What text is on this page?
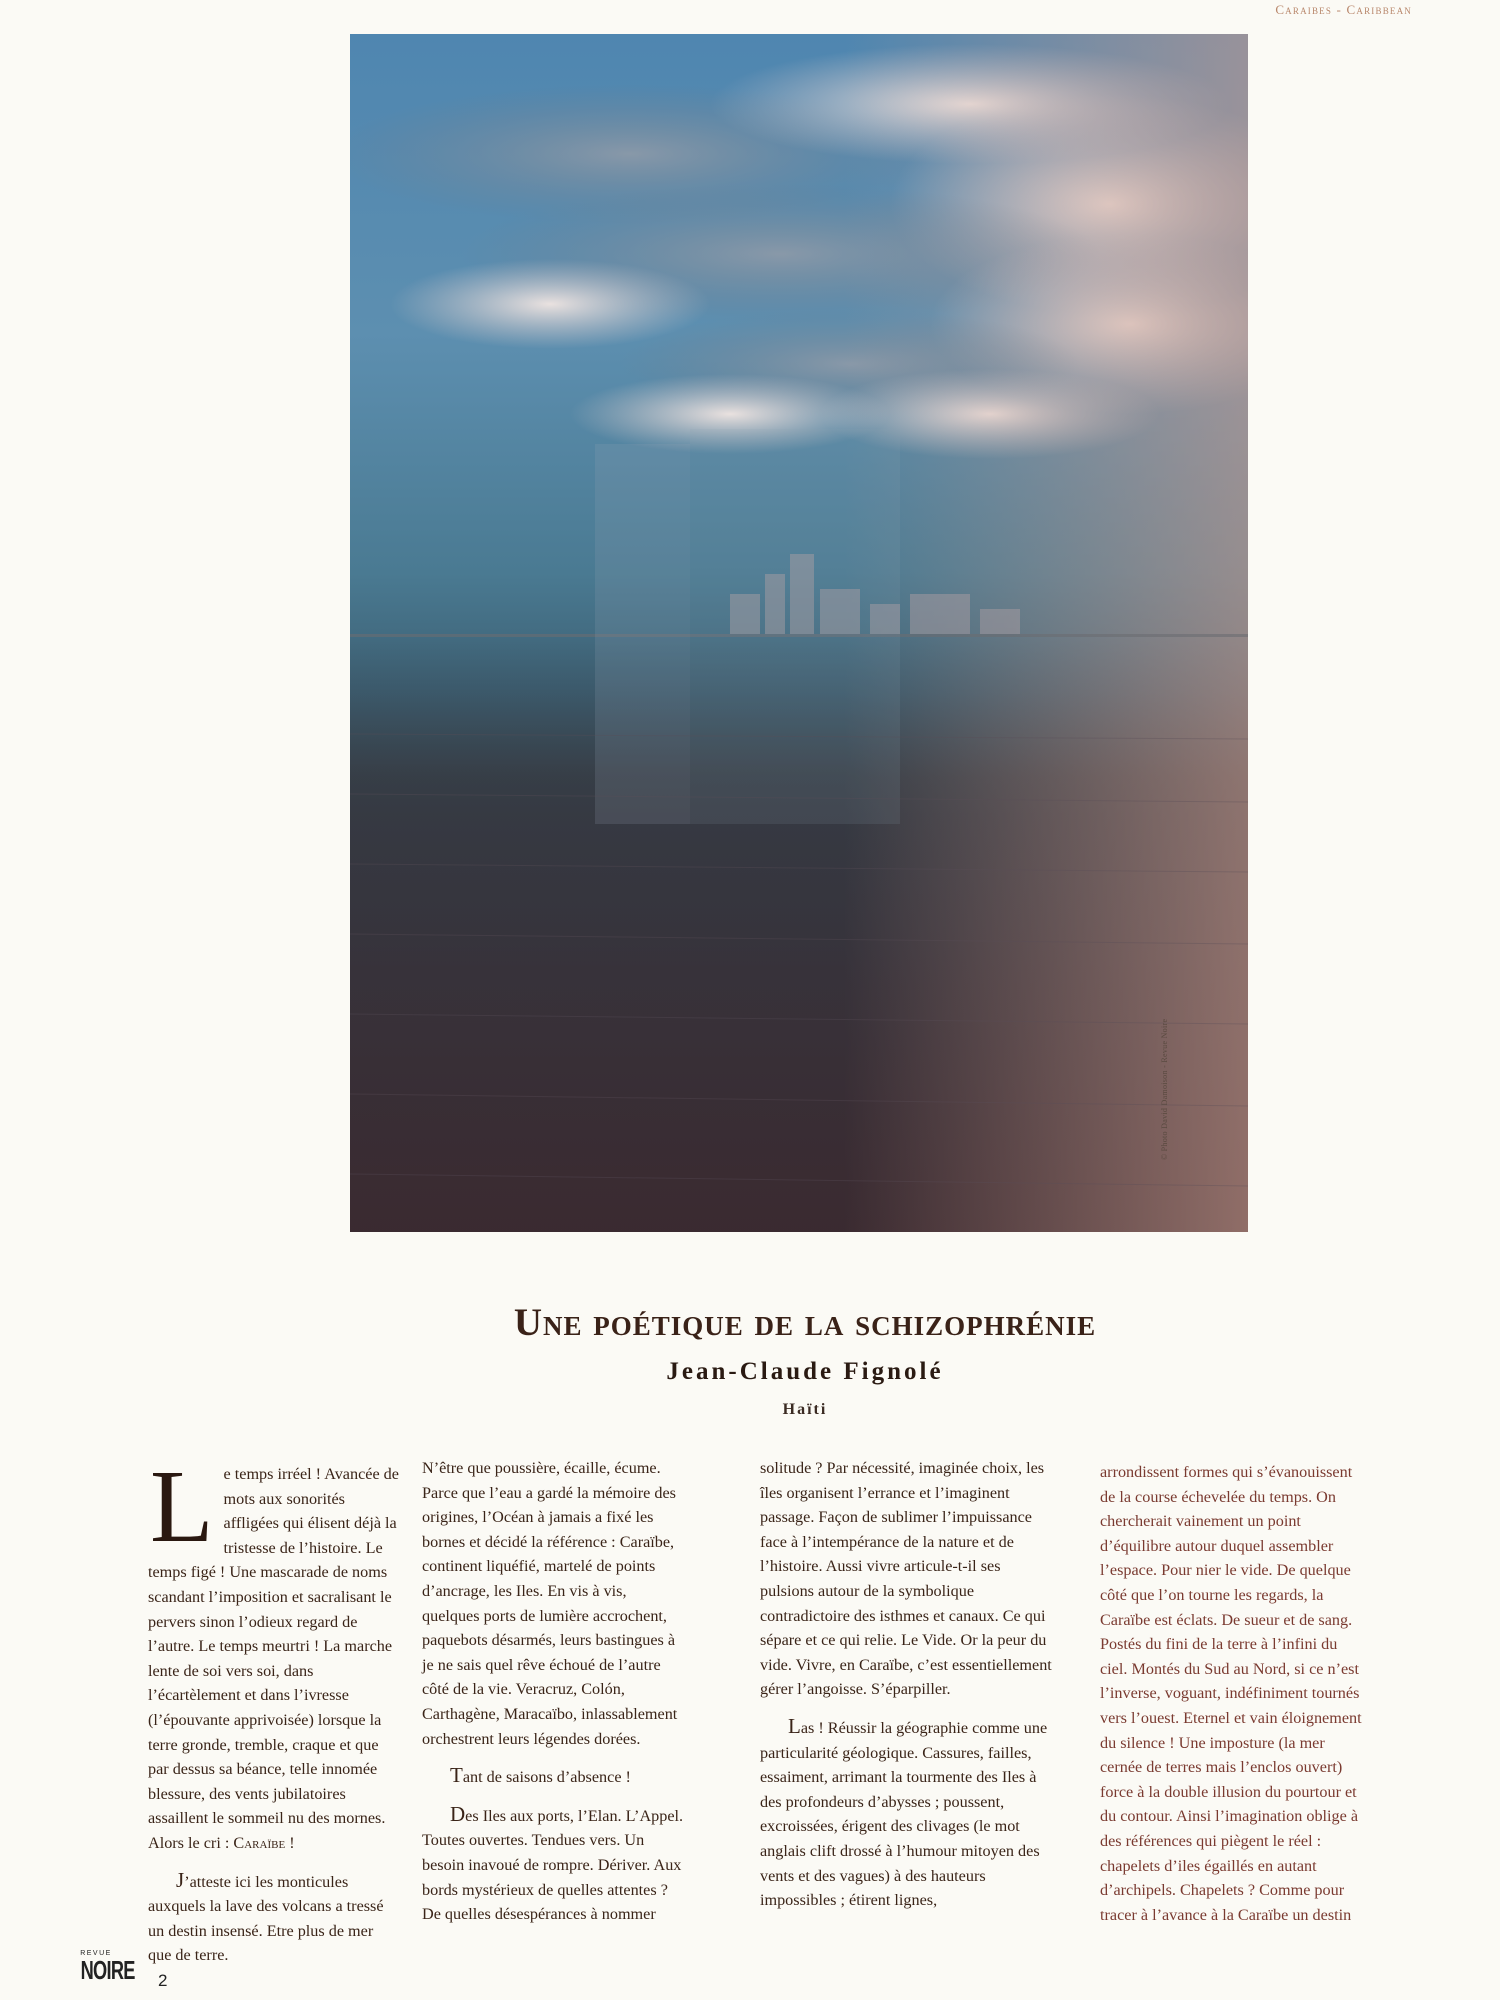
Caraibes - Caribbean
© Photo David Damoison - Revue Noire
Une poétique de la schizophrénie
Jean-Claude Fignolé
Haïti

Le temps irréel ! Avancée de mots aux sonorités affligées qui élisent déjà la tristesse de l’histoire. Le temps figé ! Une mascarade de noms scandant l’imposition et sacralisant le pervers sinon l’odieux regard de l’autre. Le temps meurtri ! La marche lente de soi vers soi, dans l’écartèlement et dans l’ivresse (l’épouvante apprivoisée) lorsque la terre gronde, tremble, craque et que par dessus sa béance, telle innomée blessure, des vents jubilatoires assaillent le sommeil nu des mornes. Alors le cri : Caraïbe !

J’atteste ici les monticules auxquels la lave des volcans a tressé un destin insensé. Etre plus de mer que de terre.

N’être que poussière, écaille, écume. Parce que l’eau a gardé la mémoire des origines, l’Océan à jamais a fixé les bornes et décidé la référence : Caraïbe, continent liquéfié, martelé de points d’ancrage, les Iles. En vis à vis, quelques ports de lumière accrochent, paquebots désarmés, leurs bastingues à je ne sais quel rêve échoué de l’autre côté de la vie. Veracruz, Colón, Carthagène, Maracaïbo, inlassablement orchestrent leurs légendes dorées.

Tant de saisons d’absence !

Des Iles aux ports, l’Elan. L’Appel. Toutes ouvertes. Tendues vers. Un besoin inavoué de rompre. Dériver. Aux bords mystérieux de quelles attentes ? De quelles désespérances à nommer

solitude ? Par nécessité, imaginée choix, les îles organisent l’errance et l’imaginent passage. Façon de sublimer l’impuissance face à l’intempérance de la nature et de l’histoire. Aussi vivre articule-t-il ses pulsions autour de la symbolique contradictoire des isthmes et canaux. Ce qui sépare et ce qui relie. Le Vide. Or la peur du vide. Vivre, en Caraïbe, c’est essentiellement gérer l’angoisse. S’éparpiller.

Las ! Réussir la géographie comme une particularité géologique. Cassures, failles, essaiment, arrimant la tourmente des Iles à des profondeurs d’abysses ; poussent, excroissées, érigent des clivages (le mot anglais clift drossé à l’humour mitoyen des vents et des vagues) à des hauteurs impossibles ; étirent lignes,

arrondissent formes qui s’évanouissent de la course échevelée du temps. On chercherait vainement un point d’équilibre autour duquel assembler l’espace. Pour nier le vide. De quelque côté que l’on tourne les regards, la Caraïbe est éclats. De sueur et de sang. Postés du fini de la terre à l’infini du ciel. Montés du Sud au Nord, si ce n’est l’inverse, voguant, indéfiniment tournés vers l’ouest. Eternel et vain éloignement du silence ! Une imposture (la mer cernée de terres mais l’enclos ouvert) force à la double illusion du pourtour et du contour. Ainsi l’imagination oblige à des références qui piègent le réel : chapelets d’iles égaillés en autant d’archipels. Chapelets ? Comme pour tracer à l’avance à la Caraïbe un destin

REVUE
NOIRE 2
